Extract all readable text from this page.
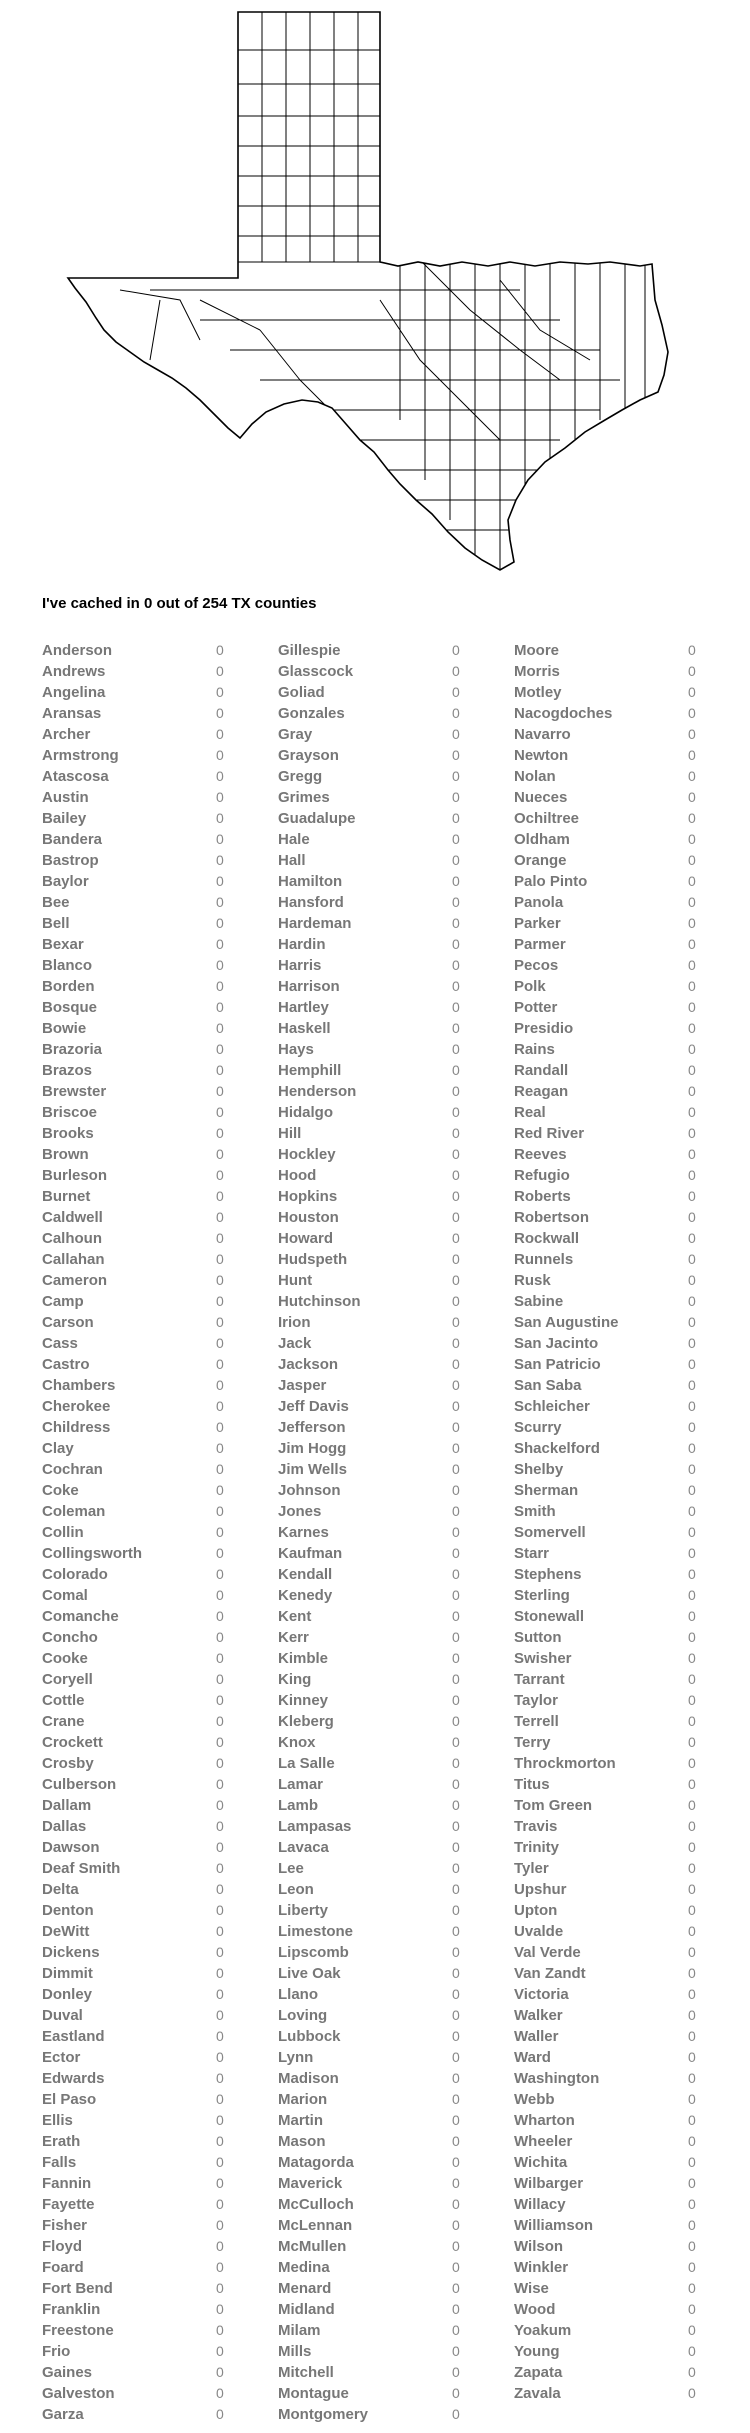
I've cached in 0 out of 254 TX counties
Anderson	0
Andrews	0
Angelina	0
Aransas	0
Archer	0
Armstrong	0
Atascosa	0
Austin	0
Bailey	0
Bandera	0
Bastrop	0
Baylor	0
Bee	0
Bell	0
Bexar	0
Blanco	0
Borden	0
Bosque	0
Bowie	0
Brazoria	0
Brazos	0
Brewster	0
Briscoe	0
Brooks	0
Brown	0
Burleson	0
Burnet	0
Caldwell	0
Calhoun	0
Callahan	0
Cameron	0
Camp	0
Carson	0
Cass	0
Castro	0
Chambers	0
Cherokee	0
Childress	0
Clay	0
Cochran	0
Coke	0
Coleman	0
Collin	0
Collingsworth	0
Colorado	0
Comal	0
Comanche	0
Concho	0
Cooke	0
Coryell	0
Cottle	0
Crane	0
Crockett	0
Crosby	0
Culberson	0
Dallam	0
Dallas	0
Dawson	0
Deaf Smith	0
Delta	0
Denton	0
DeWitt	0
Dickens	0
Dimmit	0
Donley	0
Duval	0
Eastland	0
Ector	0
Edwards	0
El Paso	0
Ellis	0
Erath	0
Falls	0
Fannin	0
Fayette	0
Fisher	0
Floyd	0
Foard	0
Fort Bend	0
Franklin	0
Freestone	0
Frio	0
Gaines	0
Galveston	0
Garza	0
Gillespie	0
Glasscock	0
Goliad	0
Gonzales	0
Gray	0
Grayson	0
Gregg	0
Grimes	0
Guadalupe	0
Hale	0
Hall	0
Hamilton	0
Hansford	0
Hardeman	0
Hardin	0
Harris	0
Harrison	0
Hartley	0
Haskell	0
Hays	0
Hemphill	0
Henderson	0
Hidalgo	0
Hill	0
Hockley	0
Hood	0
Hopkins	0
Houston	0
Howard	0
Hudspeth	0
Hunt	0
Hutchinson	0
Irion	0
Jack	0
Jackson	0
Jasper	0
Jeff Davis	0
Jefferson	0
Jim Hogg	0
Jim Wells	0
Johnson	0
Jones	0
Karnes	0
Kaufman	0
Kendall	0
Kenedy	0
Kent	0
Kerr	0
Kimble	0
King	0
Kinney	0
Kleberg	0
Knox	0
La Salle	0
Lamar	0
Lamb	0
Lampasas	0
Lavaca	0
Lee	0
Leon	0
Liberty	0
Limestone	0
Lipscomb	0
Live Oak	0
Llano	0
Loving	0
Lubbock	0
Lynn	0
Madison	0
Marion	0
Martin	0
Mason	0
Matagorda	0
Maverick	0
McCulloch	0
McLennan	0
McMullen	0
Medina	0
Menard	0
Midland	0
Milam	0
Mills	0
Mitchell	0
Montague	0
Montgomery	0
Moore	0
Morris	0
Motley	0
Nacogdoches	0
Navarro	0
Newton	0
Nolan	0
Nueces	0
Ochiltree	0
Oldham	0
Orange	0
Palo Pinto	0
Panola	0
Parker	0
Parmer	0
Pecos	0
Polk	0
Potter	0
Presidio	0
Rains	0
Randall	0
Reagan	0
Real	0
Red River	0
Reeves	0
Refugio	0
Roberts	0
Robertson	0
Rockwall	0
Runnels	0
Rusk	0
Sabine	0
San Augustine	0
San Jacinto	0
San Patricio	0
San Saba	0
Schleicher	0
Scurry	0
Shackelford	0
Shelby	0
Sherman	0
Smith	0
Somervell	0
Starr	0
Stephens	0
Sterling	0
Stonewall	0
Sutton	0
Swisher	0
Tarrant	0
Taylor	0
Terrell	0
Terry	0
Throckmorton	0
Titus	0
Tom Green	0
Travis	0
Trinity	0
Tyler	0
Upshur	0
Upton	0
Uvalde	0
Val Verde	0
Van Zandt	0
Victoria	0
Walker	0
Waller	0
Ward	0
Washington	0
Webb	0
Wharton	0
Wheeler	0
Wichita	0
Wilbarger	0
Willacy	0
Williamson	0
Wilson	0
Winkler	0
Wise	0
Wood	0
Yoakum	0
Young	0
Zapata	0
Zavala	0
